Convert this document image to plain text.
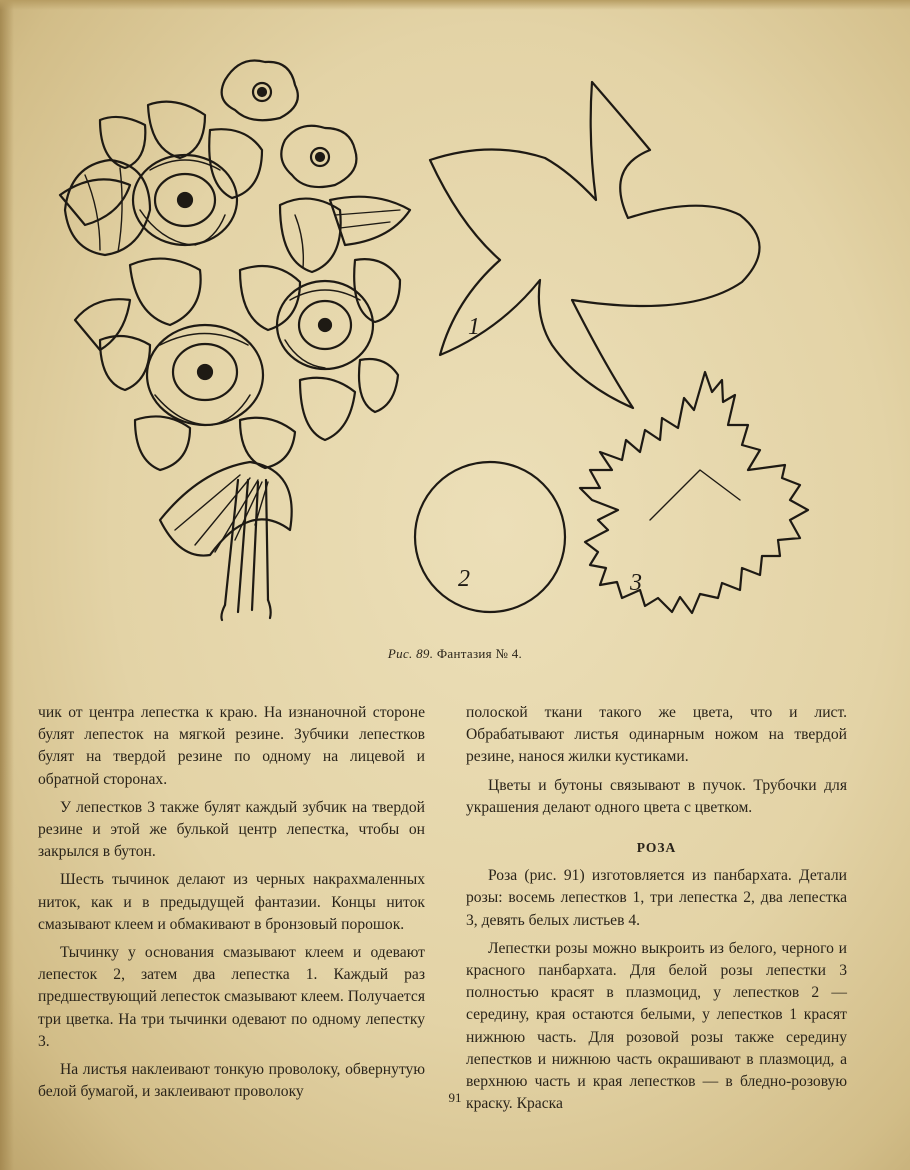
1
2	3
Рис. 89. Фантазия № 4.

чик от центра лепестка к краю. На изнаночной стороне булят лепесток на мягкой резине. Зубчики лепестков булят на твердой резине по одному на лицевой и обратной сторонах.

У лепестков 3 также булят каждый зубчик на твердой резине и этой же булькой центр лепестка, чтобы он закрылся в бутон.

Шесть тычинок делают из черных накрахмаленных ниток, как и в предыдущей фантазии. Концы ниток смазывают клеем и обмакивают в бронзовый порошок.

Тычинку у основания смазывают клеем и одевают лепесток 2, затем два лепестка 1. Каждый раз предшествующий лепесток смазывают клеем. Получается три цветка. На три тычинки одевают по одному лепестку 3.

На листья наклеивают тонкую проволоку, обвернутую белой бумагой, и заклеивают проволоку

полоской ткани такого же цвета, что и лист. Обрабатывают листья одинарным ножом на твердой резине, нанося жилки кустиками.

Цветы и бутоны связывают в пучок. Трубочки для украшения делают одного цвета с цветком.

РОЗА

Роза (рис. 91) изготовляется из панбархата. Детали розы: восемь лепестков 1, три лепестка 2, два лепестка 3, девять белых листьев 4.

Лепестки розы можно выкроить из белого, черного и красного панбархата. Для белой розы лепестки 3 полностью красят в плазмоцид, у лепестков 2 — середину, края остаются белыми, у лепестков 1 красят нижнюю часть. Для розовой розы также середину лепестков и нижнюю часть окрашивают в плазмоцид, а верхнюю часть и края лепестков — в бледно-розовую краску. Краска

91
